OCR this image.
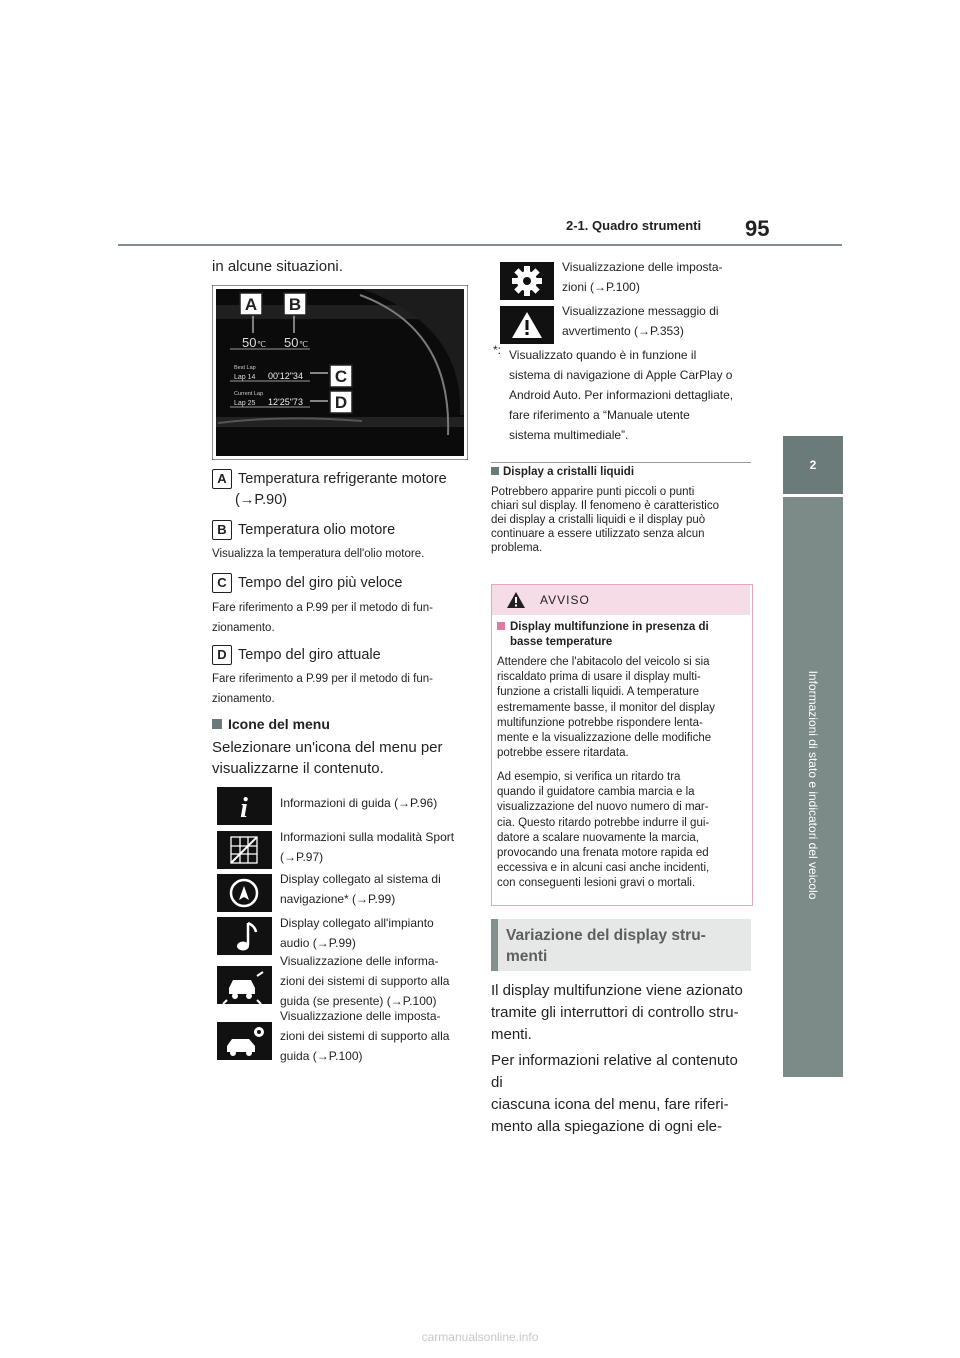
2-1. Quadro strumenti 95
2
Informazioni di stato e indicatori del veicolo

in alcune situazioni.

A B
C
D
50 ℃ 50 ℃
Best Lap
Lap 14 00'12"34
Current Lap
Lap 25 12'25"73
A Temperatura refrigerante motore
(→P.90)
B Temperatura olio motore

Visualizza la temperatura dell'olio motore.

C Tempo del giro più veloce

Fare riferimento a P.99 per il metodo di fun-

zionamento.

D Tempo del giro attuale

Fare riferimento a P.99 per il metodo di fun-

zionamento.

Icone del menu

Selezionare un'icona del menu per

visualizzarne il contenuto.

i	Informazioni di guida (→P.96)
Informazioni sulla modalità Sport
(→P.97)
Display collegato al sistema di
navigazione* (→P.99)
Display collegato all'impianto
audio (→P.99)
Visualizzazione delle informa-
zioni dei sistemi di supporto alla
guida (se presente) (→P.100)
Visualizzazione delle imposta-
zioni dei sistemi di supporto alla
guida (→P.100)
Visualizzazione delle imposta-
zioni (→P.100)
Visualizzazione messaggio di
avvertimento (→P.353)
*: Visualizzato quando è in funzione il
sistema di navigazione di Apple CarPlay o
Android Auto. Per informazioni dettagliate,
fare riferimento a “Manuale utente
sistema multimediale”.
Display a cristalli liquidi
Potrebbero apparire punti piccoli o punti
chiari sul display. Il fenomeno è caratteristico
dei display a cristalli liquidi e il display può
continuare a essere utilizzato senza alcun
problema.
AVVISO
Display multifunzione in presenza di
basse temperature
Attendere che l'abitacolo del veicolo si sia
riscaldato prima di usare il display multi-
funzione a cristalli liquidi. A temperature
estremamente basse, il monitor del display
multifunzione potrebbe rispondere lenta-
mente e la visualizzazione delle modifiche
potrebbe essere ritardata.
Ad esempio, si verifica un ritardo tra
quando il guidatore cambia marcia e la
visualizzazione del nuovo numero di mar-
cia. Questo ritardo potrebbe indurre il gui-
datore a scalare nuovamente la marcia,
provocando una frenata motore rapida ed
eccessiva e in alcuni casi anche incidenti,
con conseguenti lesioni gravi o mortali.
Variazione del display stru-
menti
Il display multifunzione viene azionato
tramite gli interruttori di controllo stru-
menti.
Per informazioni relative al contenuto di
ciascuna icona del menu, fare riferi-
mento alla spiegazione di ogni ele-
carmanualsonline.info
